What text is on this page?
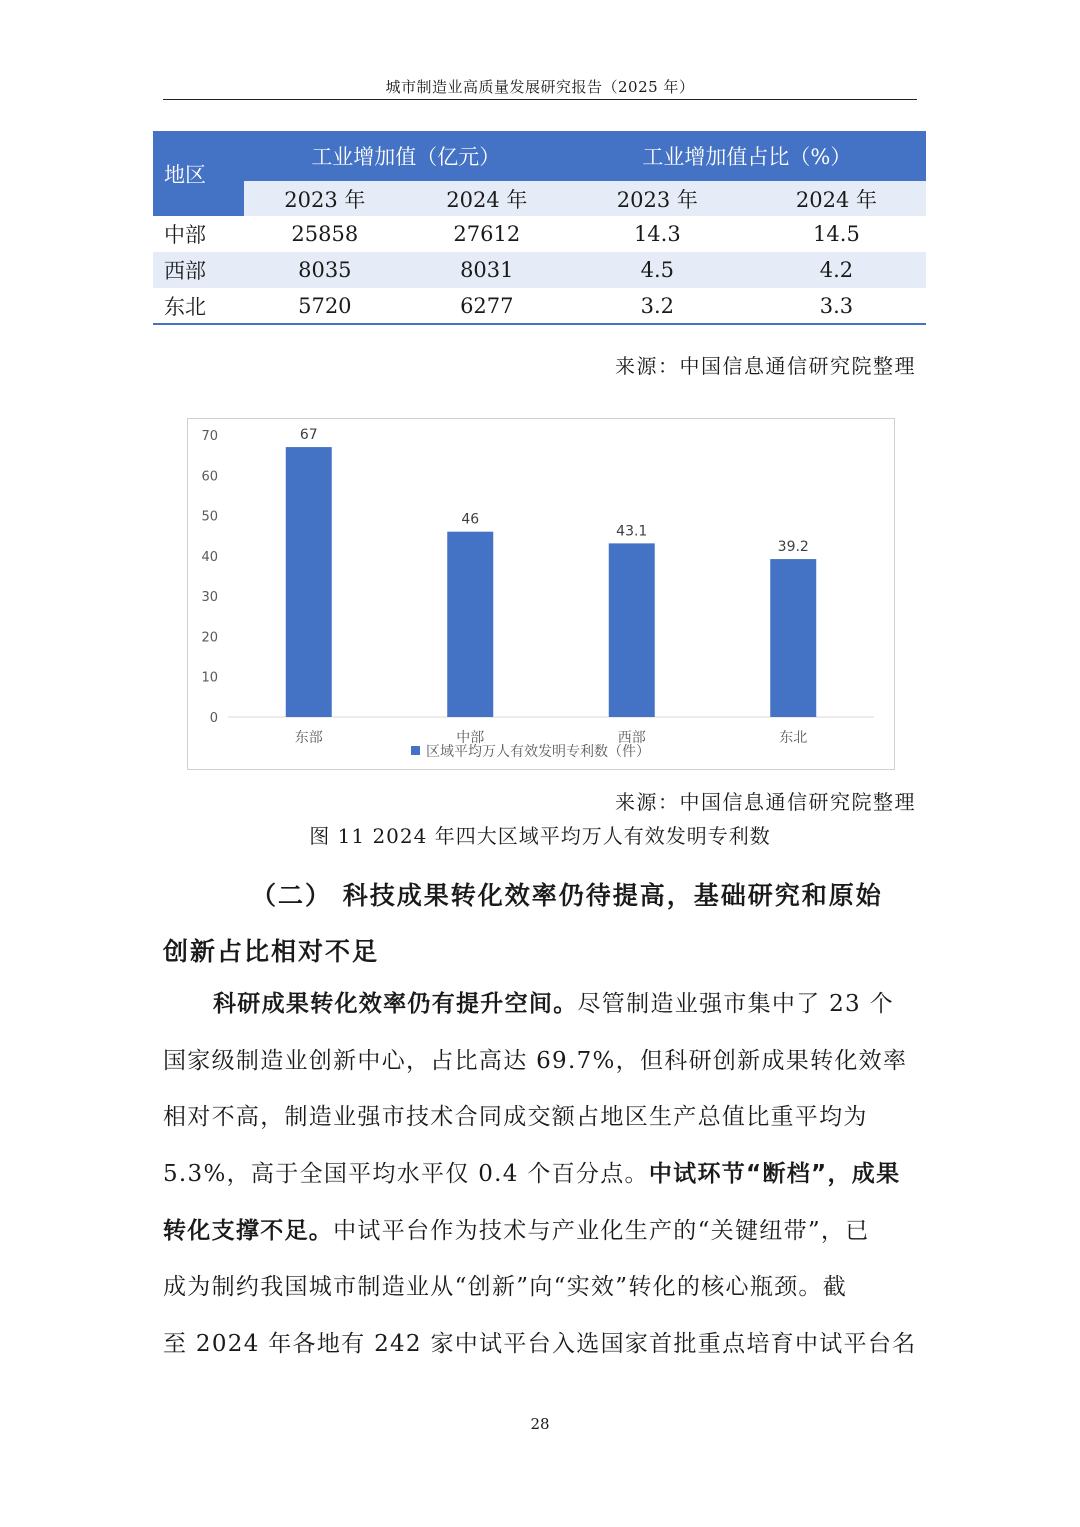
城市制造业高质量发展研究报告（2025 年）
地区	工业增加值（亿元）		工业增加值占比（%）	
	2023 年	2024 年	2023 年	2024 年
中部	25858	27612	14.3	14.5
西部	8035	8031	4.5	4.2
东北	5720	6277	3.2	3.3
来源：中国信息通信研究院整理
0
10
20
30
40
50
60
70	67
东部
46
中部
43.1
西部
39.2
东北
区域平均万人有效发明专利数（件）
来源：中国信息通信研究院整理
图 11 2024 年四大区域平均万人有效发明专利数
（二） 科技成果转化效率仍待提高，基础研究和原始
创新占比相对不足
科研成果转化效率仍有提升空间。尽管制造业强市集中了 23 个
国家级制造业创新中心，占比高达 69.7%，但科研创新成果转化效率
相对不高，制造业强市技术合同成交额占地区生产总值比重平均为
5.3%，高于全国平均水平仅 0.4 个百分点。中试环节“断档”，成果
转化支撑不足。中试平台作为技术与产业化生产的“关键纽带”，已
成为制约我国城市制造业从“创新”向“实效”转化的核心瓶颈。截
至 2024 年各地有 242 家中试平台入选国家首批重点培育中试平台名
28
